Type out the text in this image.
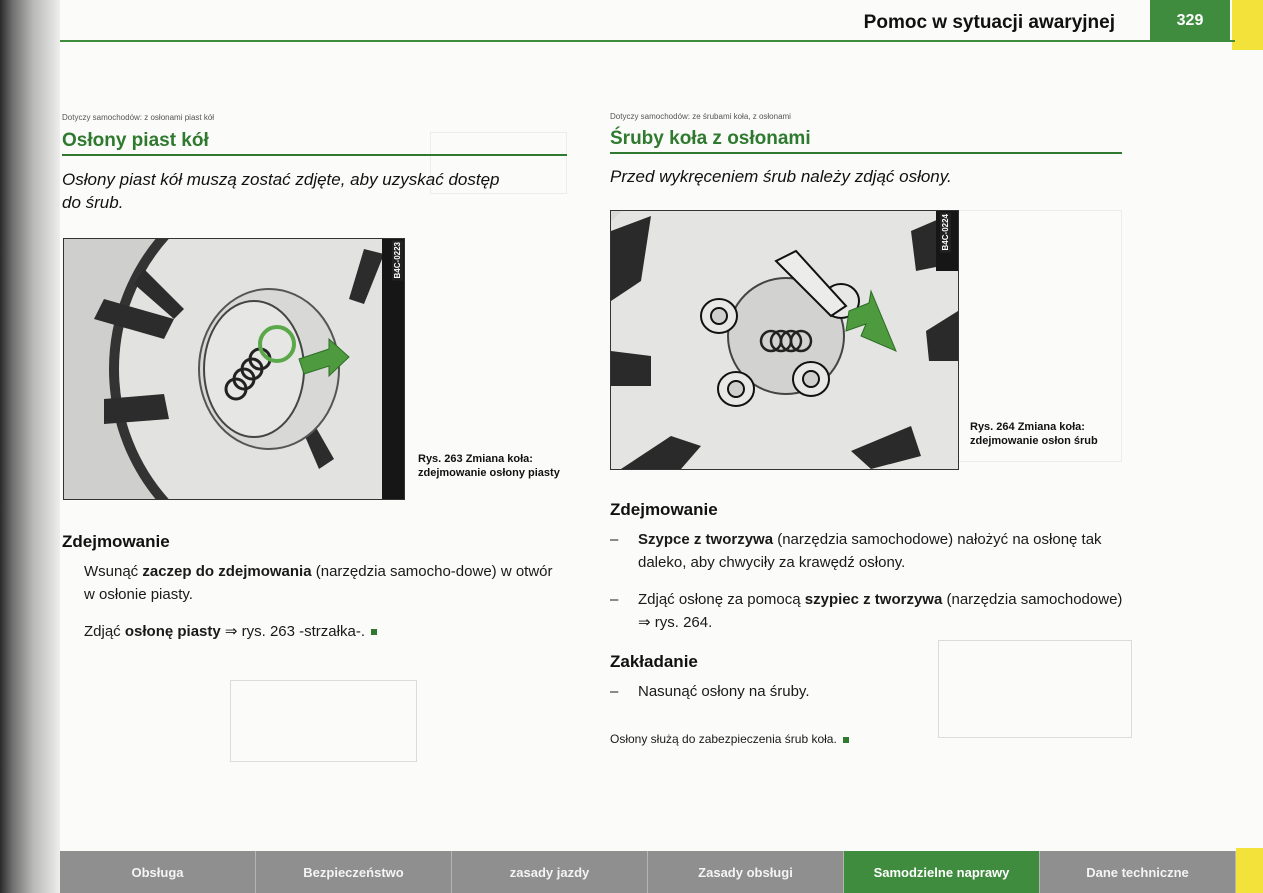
Pomoc w sytuacji awaryjnej	329
Dotyczy samochodów: z osłonami piast kół
Osłony piast kół
Osłony piast kół muszą zostać zdjęte, aby uzyskać dostęp do śrub.
B4C-0223
Rys. 263 Zmiana koła: zdejmowanie osłony piasty
Zdejmowanie
Wsunąć zaczep do zdejmowania (narzędzia samocho-dowe) w otwór w osłonie piasty.
Zdjąć osłonę piasty ⇒ rys. 263 -strzałka-.
Dotyczy samochodów: ze śrubami koła, z osłonami
Śruby koła z osłonami
Przed wykręceniem śrub należy zdjąć osłony.
B4C-0224
Rys. 264 Zmiana koła: zdejmowanie osłon śrub
Zdejmowanie
– Szypce z tworzywa (narzędzia samochodowe) nałożyć na osłonę tak daleko, aby chwyciły za krawędź osłony.
– Zdjąć osłonę za pomocą szypiec z tworzywa (narzędzia samochodowe) ⇒ rys. 264.
Zakładanie
– Nasunąć osłony na śruby.
Osłony służą do zabezpieczenia śrub koła.
Obsługa	Bezpieczeństwo	zasady jazdy	Zasady obsługi	Samodzielne naprawy	Dane techniczne
